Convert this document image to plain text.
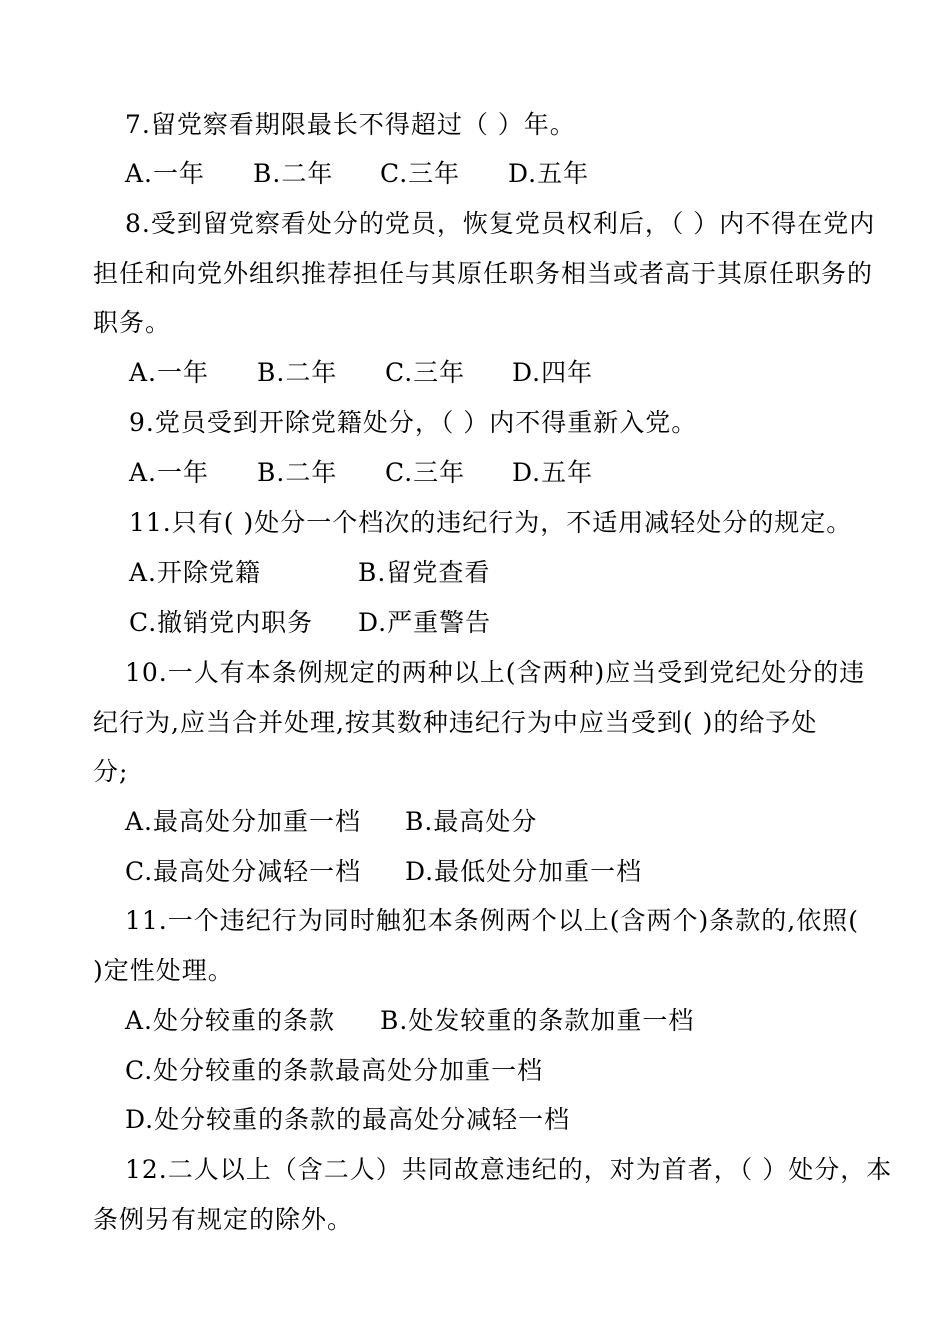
7.留党察看期限最长不得超过（ ）年。
A.一年 B.二年 C.三年 D.五年
8.受到留党察看处分的党员，恢复党员权利后，（ ）内不得在党内
担任和向党外组织推荐担任与其原任职务相当或者高于其原任职务的
职务。
A.一年 B.二年 C.三年 D.四年
9.党员受到开除党籍处分，（ ）内不得重新入党。
A.一年 B.二年 C.三年 D.五年
11.只有( )处分一个档次的违纪行为，不适用减轻处分的规定。
A.开除党籍	B.留党查看
C.撤销党内职务 D.严重警告
10.一人有本条例规定的两种以上(含两种)应当受到党纪处分的违
纪行为,应当合并处理,按其数种违纪行为中应当受到( )的给予处
分;
A.最高处分加重一档 B.最高处分
C.最高处分减轻一档 D.最低处分加重一档
11.一个违纪行为同时触犯本条例两个以上(含两个)条款的,依照(
)定性处理。
A.处分较重的条款 B.处发较重的条款加重一档
C.处分较重的条款最高处分加重一档
D.处分较重的条款的最高处分减轻一档
12.二人以上（含二人）共同故意违纪的，对为首者，（ ）处分，本
条例另有规定的除外。
